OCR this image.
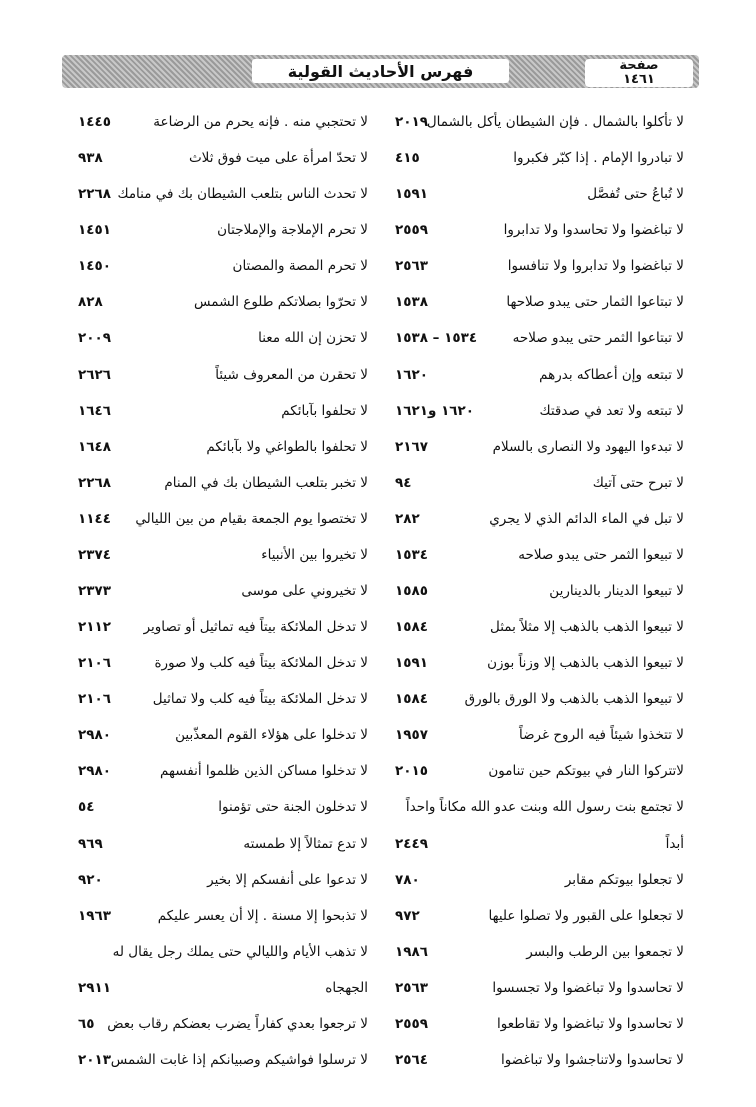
فهرس الأحاديث القولية	صفحة
١٤٦١
لا تأكلوا بالشمال . فإن الشيطان يأكل بالشمال
٢٠١٩
لا تحتجبي منه . فإنه يحرم من الرضاعة
١٤٤٥
لا تبادروا الإمام . إذا كبّر فكبروا
٤١٥
لا تحدّ امرأة على ميت فوق ثلاث
٩٣٨
لا تُباعُ حتى تُفصَّل
١٥٩١
لا تحدث الناس بتلعب الشيطان بك في منامك
٢٢٦٨
لا تباغضوا ولا تحاسدوا ولا تدابروا
٢٥٥٩
لا تحرم الإملاجة والإملاجتان
١٤٥١
لا تباغضوا ولا تدابروا ولا تنافسوا
٢٥٦٣
لا تحرم المصة والمصتان
١٤٥٠
لا تبتاعوا الثمار حتى يبدو صلاحها
١٥٣٨
لا تحرّوا بصلاتكم طلوع الشمس
٨٢٨
لا تبتاعوا الثمر حتى يبدو صلاحه
١٥٣٤ – ١٥٣٨
لا تحزن إن الله معنا
٢٠٠٩
لا تبتعه وإن أعطاكه بدرهم
١٦٢٠
لا تحقرن من المعروف شيئاً
٢٦٢٦
لا تبتعه ولا تعد في صدقتك
١٦٢٠ و١٦٢١
لا تحلفوا بآبائكم
١٦٤٦
لا تبدءوا اليهود ولا النصارى بالسلام
٢١٦٧
لا تحلفوا بالطواغي ولا بآبائكم
١٦٤٨
لا تبرح حتى آتيك
٩٤
لا تخبر بتلعب الشيطان بك في المنام
٢٢٦٨
لا تبل في الماء الدائم الذي لا يجري
٢٨٢
لا تختصوا يوم الجمعة بقيام من بين الليالي
١١٤٤
لا تبيعوا الثمر حتى يبدو صلاحه
١٥٣٤
لا تخيروا بين الأنبياء
٢٣٧٤
لا تبيعوا الدينار بالدينارين
١٥٨٥
لا تخيروني على موسى
٢٣٧٣
لا تبيعوا الذهب بالذهب إلا مثلاً بمثل
١٥٨٤
لا تدخل الملائكة بيتاً فيه تماثيل أو تصاوير
٢١١٢
لا تبيعوا الذهب بالذهب إلا وزناً بوزن
١٥٩١
لا تدخل الملائكة بيتاً فيه كلب ولا صورة
٢١٠٦
لا تبيعوا الذهب بالذهب ولا الورق بالورق
١٥٨٤
لا تدخل الملائكة بيتاً فيه كلب ولا تماثيل
٢١٠٦
لا تتخذوا شيئاً فيه الروح غرضاً
١٩٥٧
لا تدخلوا على هؤلاء القوم المعذّبين
٢٩٨٠
لاتتركوا النار في بيوتكم حين تنامون
٢٠١٥
لا تدخلوا مساكن الذين ظلموا أنفسهم
٢٩٨٠
لا تجتمع بنت رسول الله وبنت عدو الله مكاناً واحداً
لا تدخلون الجنة حتى تؤمنوا
٥٤
أبداً
٢٤٤٩
لا تدع تمثالاً إلا طمسته
٩٦٩
لا تجعلوا بيوتكم مقابر
٧٨٠
لا تدعوا على أنفسكم إلا بخير
٩٢٠
لا تجعلوا على القبور ولا تصلوا عليها
٩٧٢
لا تذبحوا إلا مسنة . إلا أن يعسر عليكم
١٩٦٣
لا تجمعوا بين الرطب والبسر
١٩٨٦
لا تذهب الأيام والليالي حتى يملك رجل يقال له
لا تحاسدوا ولا تباغضوا ولا تجسسوا
٢٥٦٣
الجهجاه
٢٩١١
لا تحاسدوا ولا تباغضوا ولا تقاطعوا
٢٥٥٩
لا ترجعوا بعدي كفاراً يضرب بعضكم رقاب بعض
٦٥
لا تحاسدوا ولاتناجشوا ولا تباغضوا
٢٥٦٤
لا ترسلوا فواشيكم وصبيانكم إذا غابت الشمس
٢٠١٣
